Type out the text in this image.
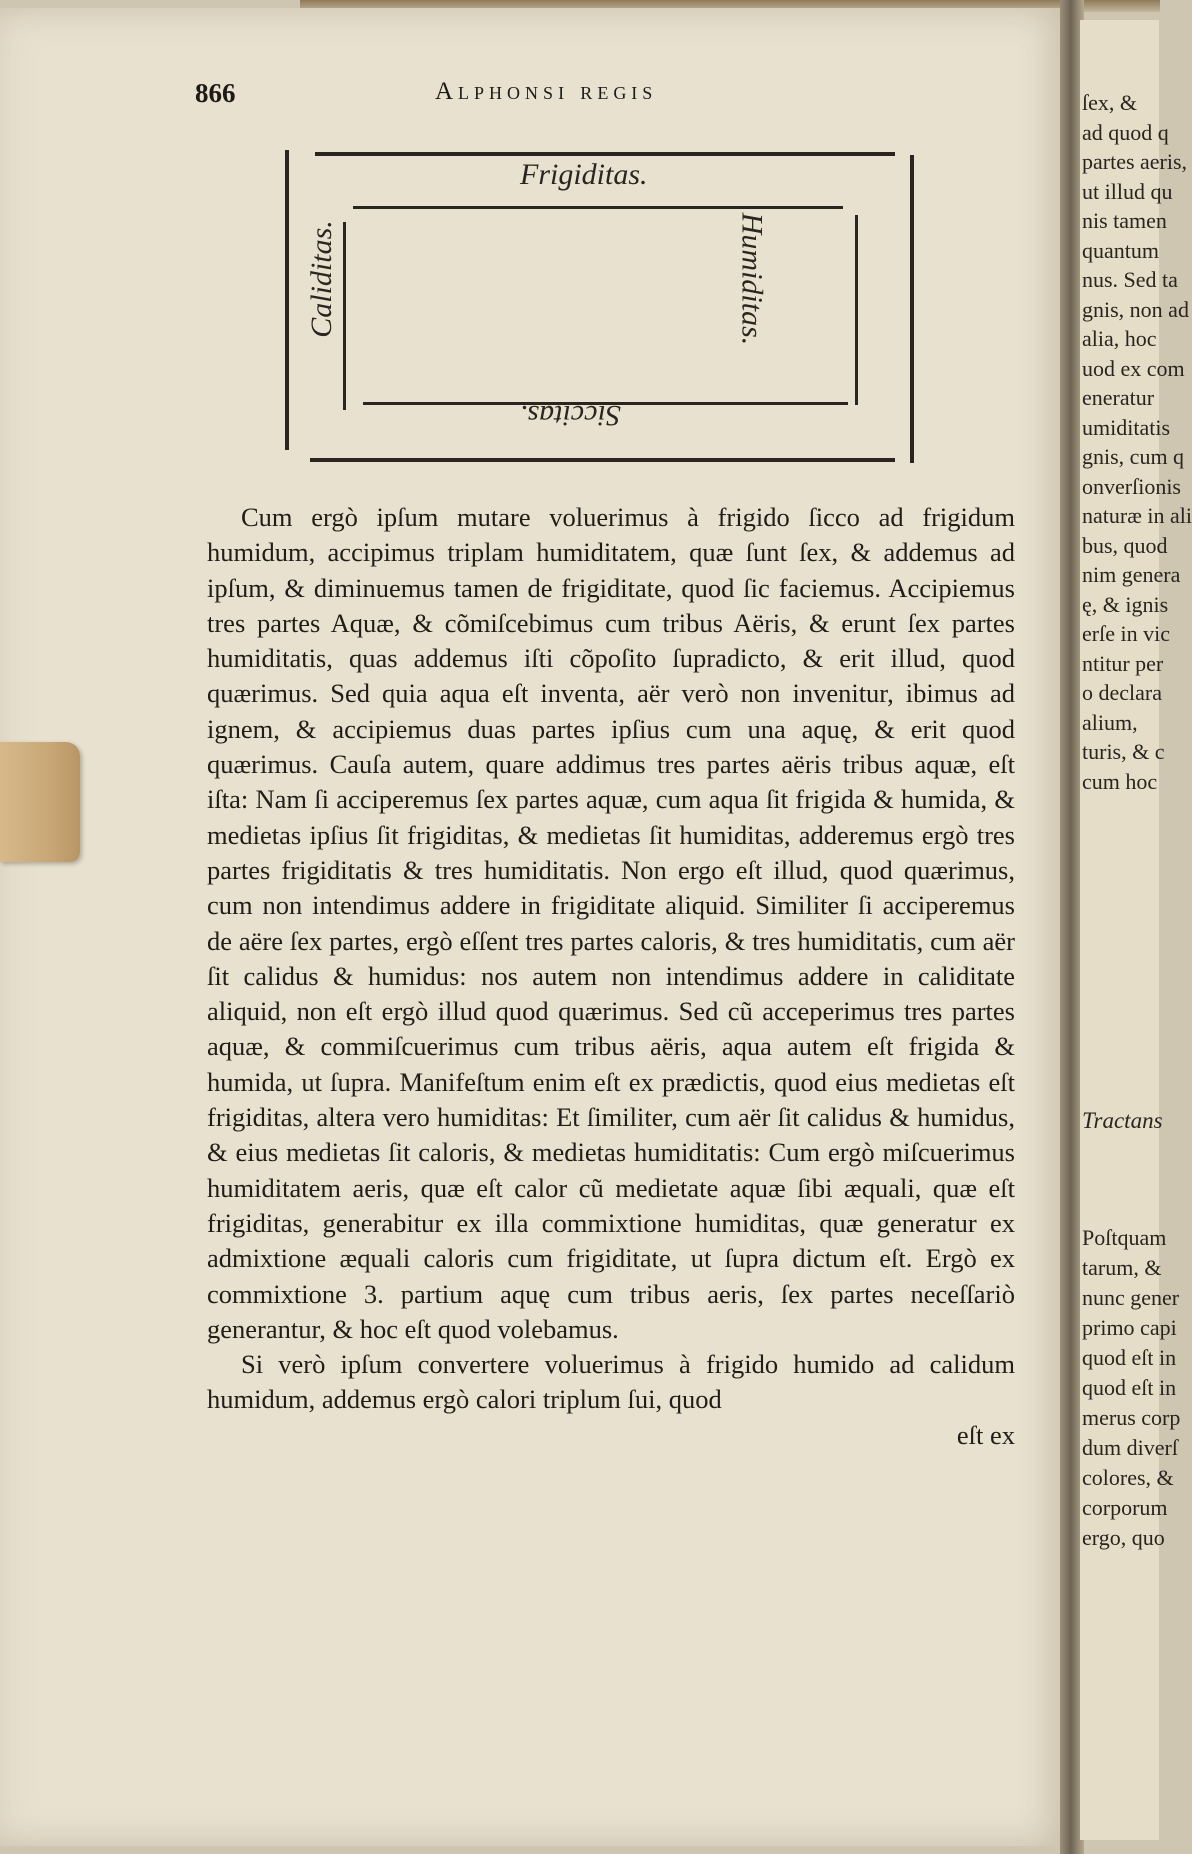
ſex, &
ad quod q
partes aeris,
ut illud qu
nis tamen
quantum
nus. Sed ta
gnis, non ad
alia, hoc
uod ex com
eneratur
umiditatis
gnis, cum q
onverſionis
naturæ in ali
bus, quod
nim genera
ę, & ignis
erſe in vic
ntitur per
o declara
alium,
turis, & c
cum hoc
Tractans
Poſtquam
tarum, &
nunc gener
primo capi
quod eſt in
quod eſt in
merus corp
dum diverſ
colores, &
corporum
ergo, quo
866	Alphonsi regis
Frigiditas.
Siccitas.
Caliditas.	Humiditas.

Cum ergò ipſum mutare voluerimus à frigido ſicco ad frigidum humidum, accipimus triplam humiditatem, quæ ſunt ſex, & addemus ad ipſum, & diminuemus tamen de frigiditate, quod ſic faciemus. Accipiemus tres partes Aquæ, & cõmiſcebimus cum tribus Aëris, & erunt ſex partes humiditatis, quas addemus iſti cõpoſito ſupradicto, & erit illud, quod quærimus. Sed quia aqua eſt inventa, aër verò non invenitur, ibimus ad ignem, & accipiemus duas partes ipſius cum una aquę, & erit quod quærimus. Cauſa autem, quare addimus tres partes aëris tribus aquæ, eſt iſta: Nam ſi acciperemus ſex partes aquæ, cum aqua ſit frigida & humida, & medietas ipſius ſit frigiditas, & medietas ſit humiditas, adderemus ergò tres partes frigiditatis & tres humiditatis. Non ergo eſt illud, quod quærimus, cum non intendimus addere in frigiditate aliquid. Similiter ſi acciperemus de aëre ſex partes, ergò eſſent tres partes caloris, & tres humiditatis, cum aër ſit calidus & humidus: nos autem non intendimus addere in caliditate aliquid, non eſt ergò illud quod quærimus. Sed cũ acceperimus tres partes aquæ, & commiſcuerimus cum tribus aëris, aqua autem eſt frigida & humida, ut ſupra. Manifeſtum enim eſt ex prædictis, quod eius medietas eſt frigiditas, altera vero humiditas: Et ſimiliter, cum aër ſit calidus & humidus, & eius medietas ſit caloris, & medietas humiditatis: Cum ergò miſcuerimus humiditatem aeris, quæ eſt calor cũ medietate aquæ ſibi æquali, quæ eſt frigiditas, generabitur ex illa commixtione humiditas, quæ generatur ex admixtione æquali caloris cum frigiditate, ut ſupra dictum eſt. Ergò ex commixtione 3. partium aquę cum tribus aeris, ſex partes neceſſariò generantur, & hoc eſt quod volebamus.

Si verò ipſum convertere voluerimus à frigido humido ad calidum humidum, addemus ergò calori triplum ſui, quod

eſt ex
